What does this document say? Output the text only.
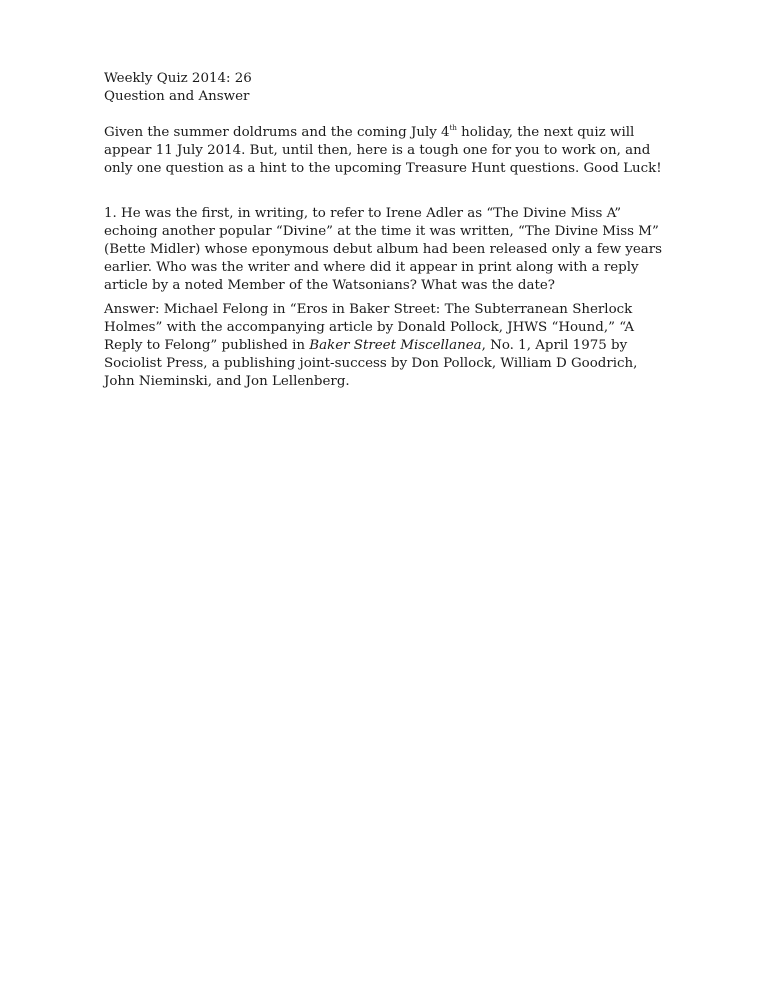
Weekly Quiz 2014: 26

Question and Answer

Given the summer doldrums and the coming July 4th holiday, the next quiz will appear 11 July 2014. But, until then, here is a tough one for you to work on, and only one question as a hint to the upcoming Treasure Hunt questions. Good Luck!

1. He was the first, in writing, to refer to Irene Adler as “The Divine Miss A” echoing another popular “Divine” at the time it was written, “The Divine Miss M” (Bette Midler) whose eponymous debut album had been released only a few years earlier. Who was the writer and where did it appear in print along with a reply article by a noted Member of the Watsonians? What was the date?

Answer: Michael Felong in “Eros in Baker Street: The Subterranean Sherlock Holmes” with the accompanying article by Donald Pollock, JHWS “Hound,” “A Reply to Felong” published in Baker Street Miscellanea, No. 1, April 1975 by Sociolist Press, a publishing joint-success by Don Pollock, William D Goodrich, John Nieminski, and Jon Lellenberg.
